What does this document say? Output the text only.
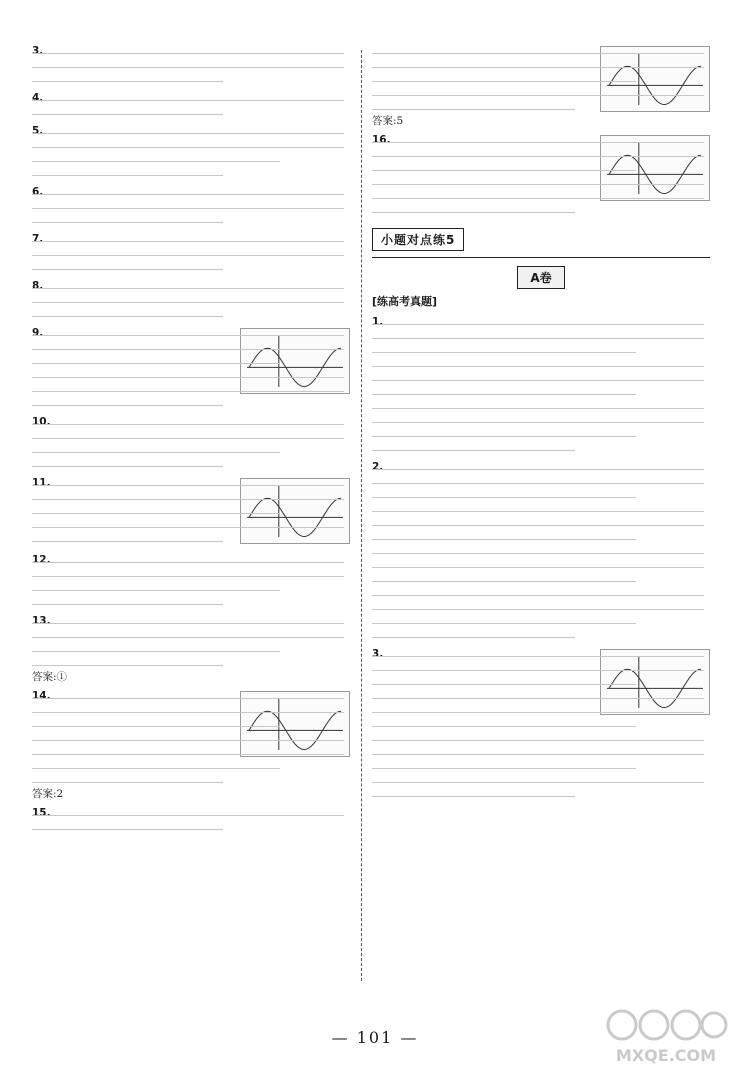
3.
4.
5.
6.
7.
8.
9.
10.
11.
12.
13.
答案:①
14.
答案:2
15.
答案:5
16.
小题对点练5
A卷
[练高考真题]
1.
2.
3.
— 101 —
MXQE.COM
